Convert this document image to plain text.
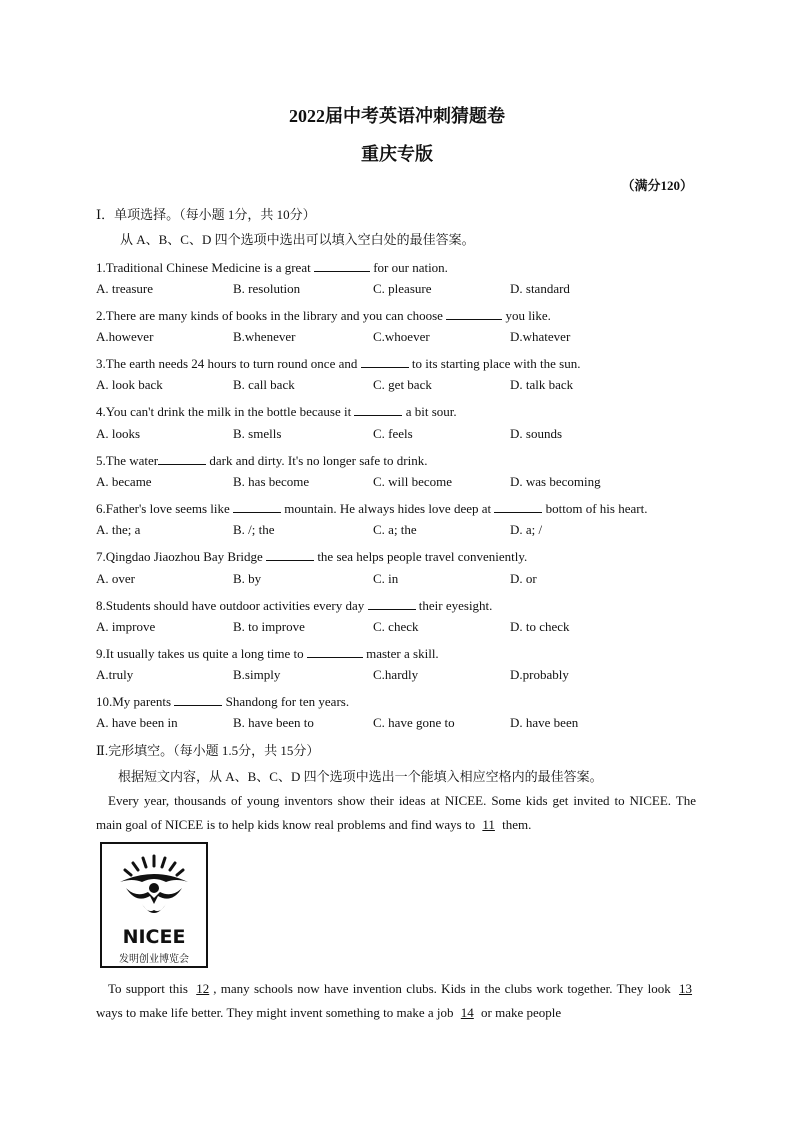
2022届中考英语冲刺猜题卷
重庆专版
（满分120）
Ⅰ．单项选择。（每小题 1分，共 10分）
从 A、B、C、D 四个选项中选出可以填入空白处的最佳答案。
1.Traditional Chinese Medicine is a great	for our nation.
A. treasure	B. resolution	C. pleasure	D. standard
2.There are many kinds of books in the library and you can choose	you like.
A.however	B.whenever	C.whoever	D.whatever
3.The earth needs 24 hours to turn round once and	to its starting place with the sun.
A. look back	B. call back	C. get back	D. talk back
4.You can't drink the milk in the bottle because it	a bit sour.
A. looks	B. smells	C. feels	D. sounds
5.The water	dark and dirty. It's no longer safe to drink.
A. became	B. has become	C. will become	D. was becoming
6.Father's love seems like	mountain. He always hides love deep at	bottom of his heart.
A. the; a	B. /; the	C. a; the	D. a; /
7.Qingdao Jiaozhou Bay Bridge	the sea helps people travel conveniently.
A. over	B. by	C. in	D. or
8.Students should have outdoor activities every day	their eyesight.
A. improve	B. to improve	C. check	D. to check
9.It usually takes us quite a long time to	master a skill.
A.truly	B.simply	C.hardly	D.probably
10.My parents	Shandong for ten years.
A. have been in	B. have been to	C. have gone to	D. have been
Ⅱ.完形填空。（每小题 1.5分，共 15分）
根据短文内容，从 A、B、C、D 四个选项中选出一个能填入相应空格内的最佳答案。
Every year, thousands of young inventors show their ideas at NICEE. Some kids get invited to NICEE. The main goal of NICEE is to help kids know real problems and find ways to 11 them.
NICEE
发明创业博览会
To support this 12 , many schools now have invention clubs. Kids in the clubs work together. They look 13 ways to make life better. They might invent something to make a job 14 or make people
